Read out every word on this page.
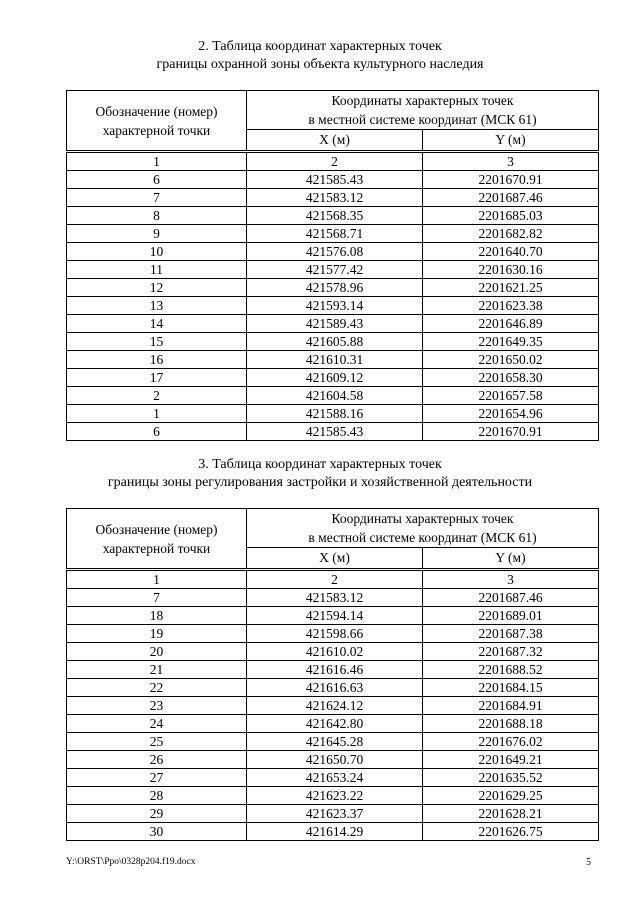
2. Таблица координат характерных точек
границы охранной зоны объекта культурного наследия
Обозначение (номер) характерной точки	Координаты характерных точек
в местной системе координат (МСК 61)	
	X (м)	Y (м)
1	2	3
6	421585.43	2201670.91
7	421583.12	2201687.46
8	421568.35	2201685.03
9	421568.71	2201682.82
10	421576.08	2201640.70
11	421577.42	2201630.16
12	421578.96	2201621.25
13	421593.14	2201623.38
14	421589.43	2201646.89
15	421605.88	2201649.35
16	421610.31	2201650.02
17	421609.12	2201658.30
2	421604.58	2201657.58
1	421588.16	2201654.96
6	421585.43	2201670.91
3. Таблица координат характерных точек
границы зоны регулирования застройки и хозяйственной деятельности
Обозначение (номер) характерной точки	Координаты характерных точек
в местной системе координат (МСК 61)	
	X (м)	Y (м)
1	2	3
7	421583.12	2201687.46
18	421594.14	2201689.01
19	421598.66	2201687.38
20	421610.02	2201687.32
21	421616.46	2201688.52
22	421616.63	2201684.15
23	421624.12	2201684.91
24	421642.80	2201688.18
25	421645.28	2201676.02
26	421650.70	2201649.21
27	421653.24	2201635.52
28	421623.22	2201629.25
29	421623.37	2201628.21
30	421614.29	2201626.75
Y:\ORST\Ppo\0328p204.f19.docx	5
